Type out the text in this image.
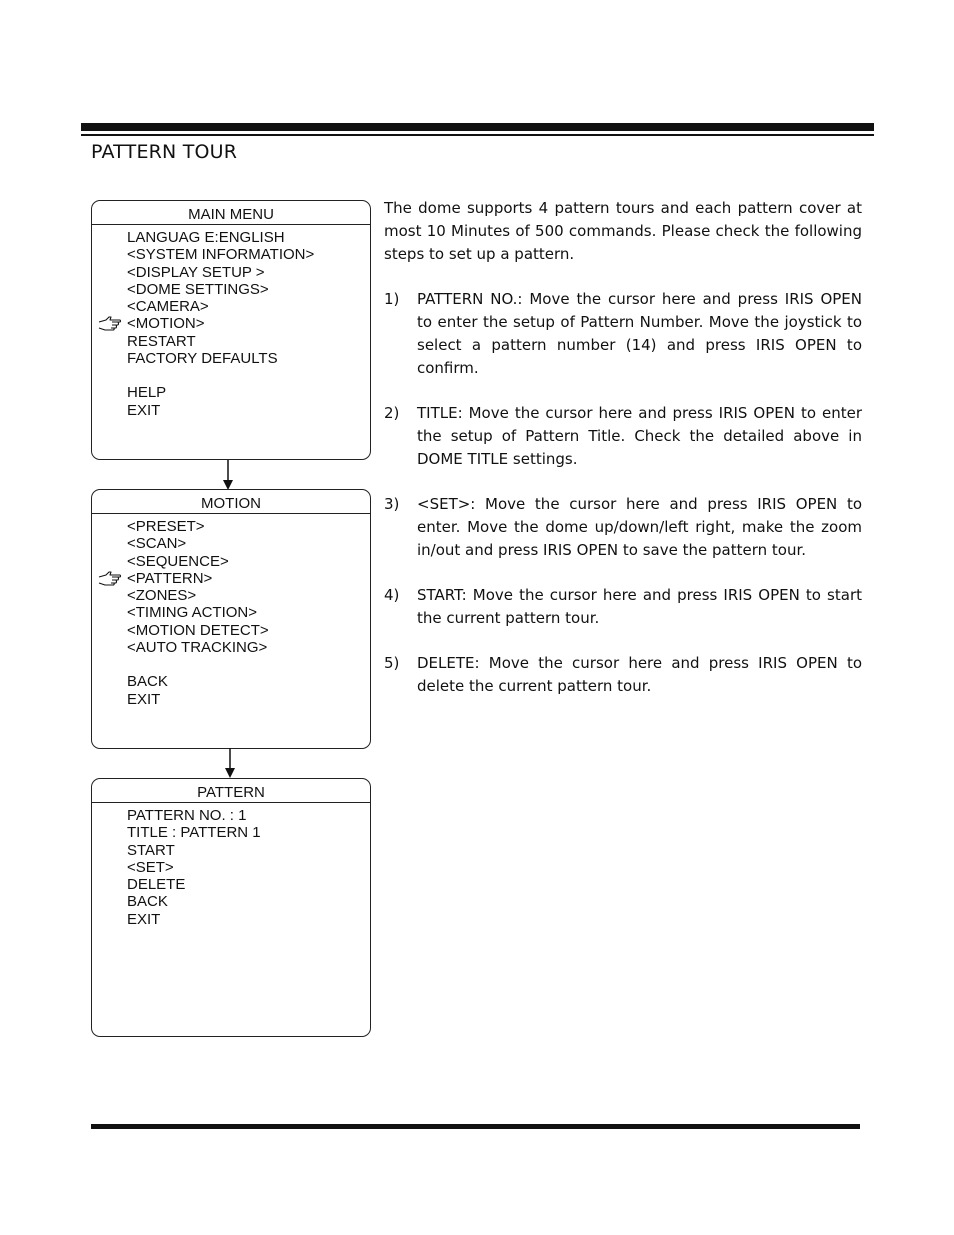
PATTERN TOUR
MAIN MENU
LANGUAG E:ENGLISH
<SYSTEM INFORMATION>
<DISPLAY SETUP >
<DOME SETTINGS>
<CAMERA>
<MOTION>
RESTART
FACTORY DEFAULTS
HELP
EXIT
MOTION
<PRESET>
<SCAN>
<SEQUENCE>
<PATTERN>
<ZONES>
<TIMING ACTION>
<MOTION DETECT>
<AUTO TRACKING>
BACK
EXIT
PATTERN
PATTERN NO. : 1
TITLE : PATTERN 1
START
<SET>
DELETE
BACK
EXIT

The dome supports 4 pattern tours and each pattern cover at most 10 Minutes of 500 commands. Please check the following steps to set up a pattern.

1) PATTERN NO.: Move the cursor here and press IRIS OPEN to enter the setup of Pattern Number. Move the joystick to select a pattern number (14) and press IRIS OPEN to confirm.
2) TITLE: Move the cursor here and press IRIS OPEN to enter the setup of Pattern Title. Check the detailed above in DOME TITLE settings.
3) <SET>: Move the cursor here and press IRIS OPEN to enter. Move the dome up/down/left right, make the zoom in/out and press IRIS OPEN to save the pattern tour.
4) START: Move the cursor here and press IRIS OPEN to start the current pattern tour.
5) DELETE: Move the cursor here and press IRIS OPEN to delete the current pattern tour.
